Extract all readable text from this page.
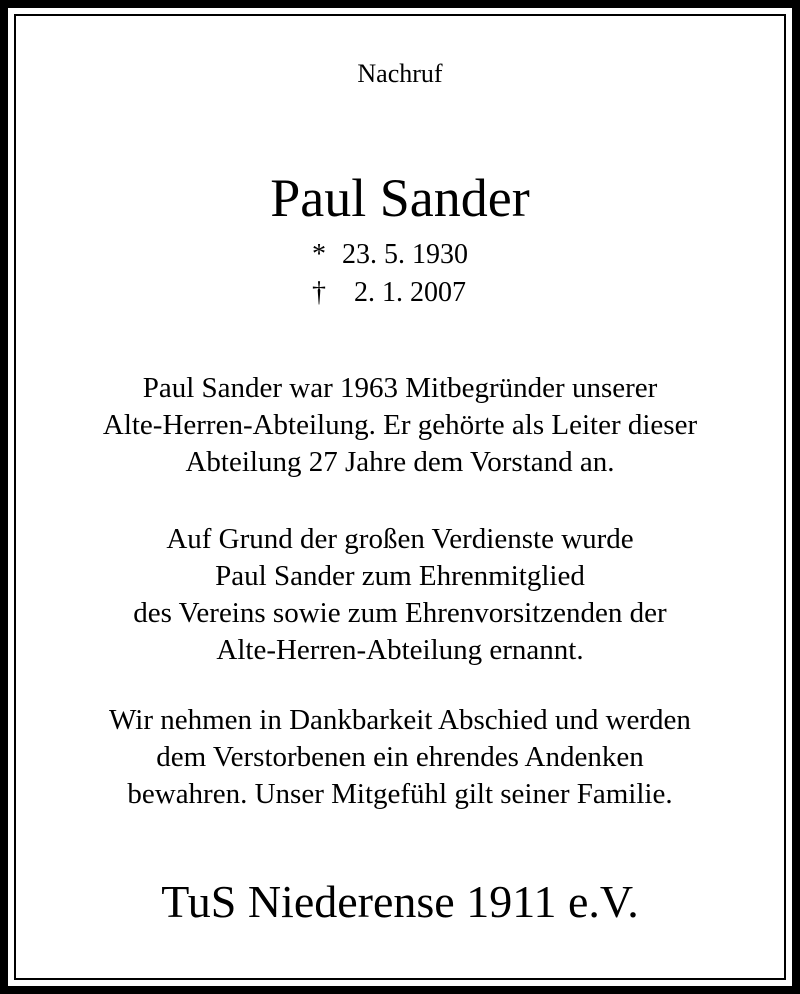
Nachruf
Paul Sander
* 23. 5. 1930
†	2. 1. 2007
Paul Sander war 1963 Mitbegründer unserer
Alte-Herren-Abteilung. Er gehörte als Leiter dieser
Abteilung 27 Jahre dem Vorstand an.
Auf Grund der großen Verdienste wurde
Paul Sander zum Ehrenmitglied
des Vereins sowie zum Ehrenvorsitzenden der
Alte-Herren-Abteilung ernannt.
Wir nehmen in Dankbarkeit Abschied und werden
dem Verstorbenen ein ehrendes Andenken
bewahren. Unser Mitgefühl gilt seiner Familie.
TuS Niederense 1911 e.V.
